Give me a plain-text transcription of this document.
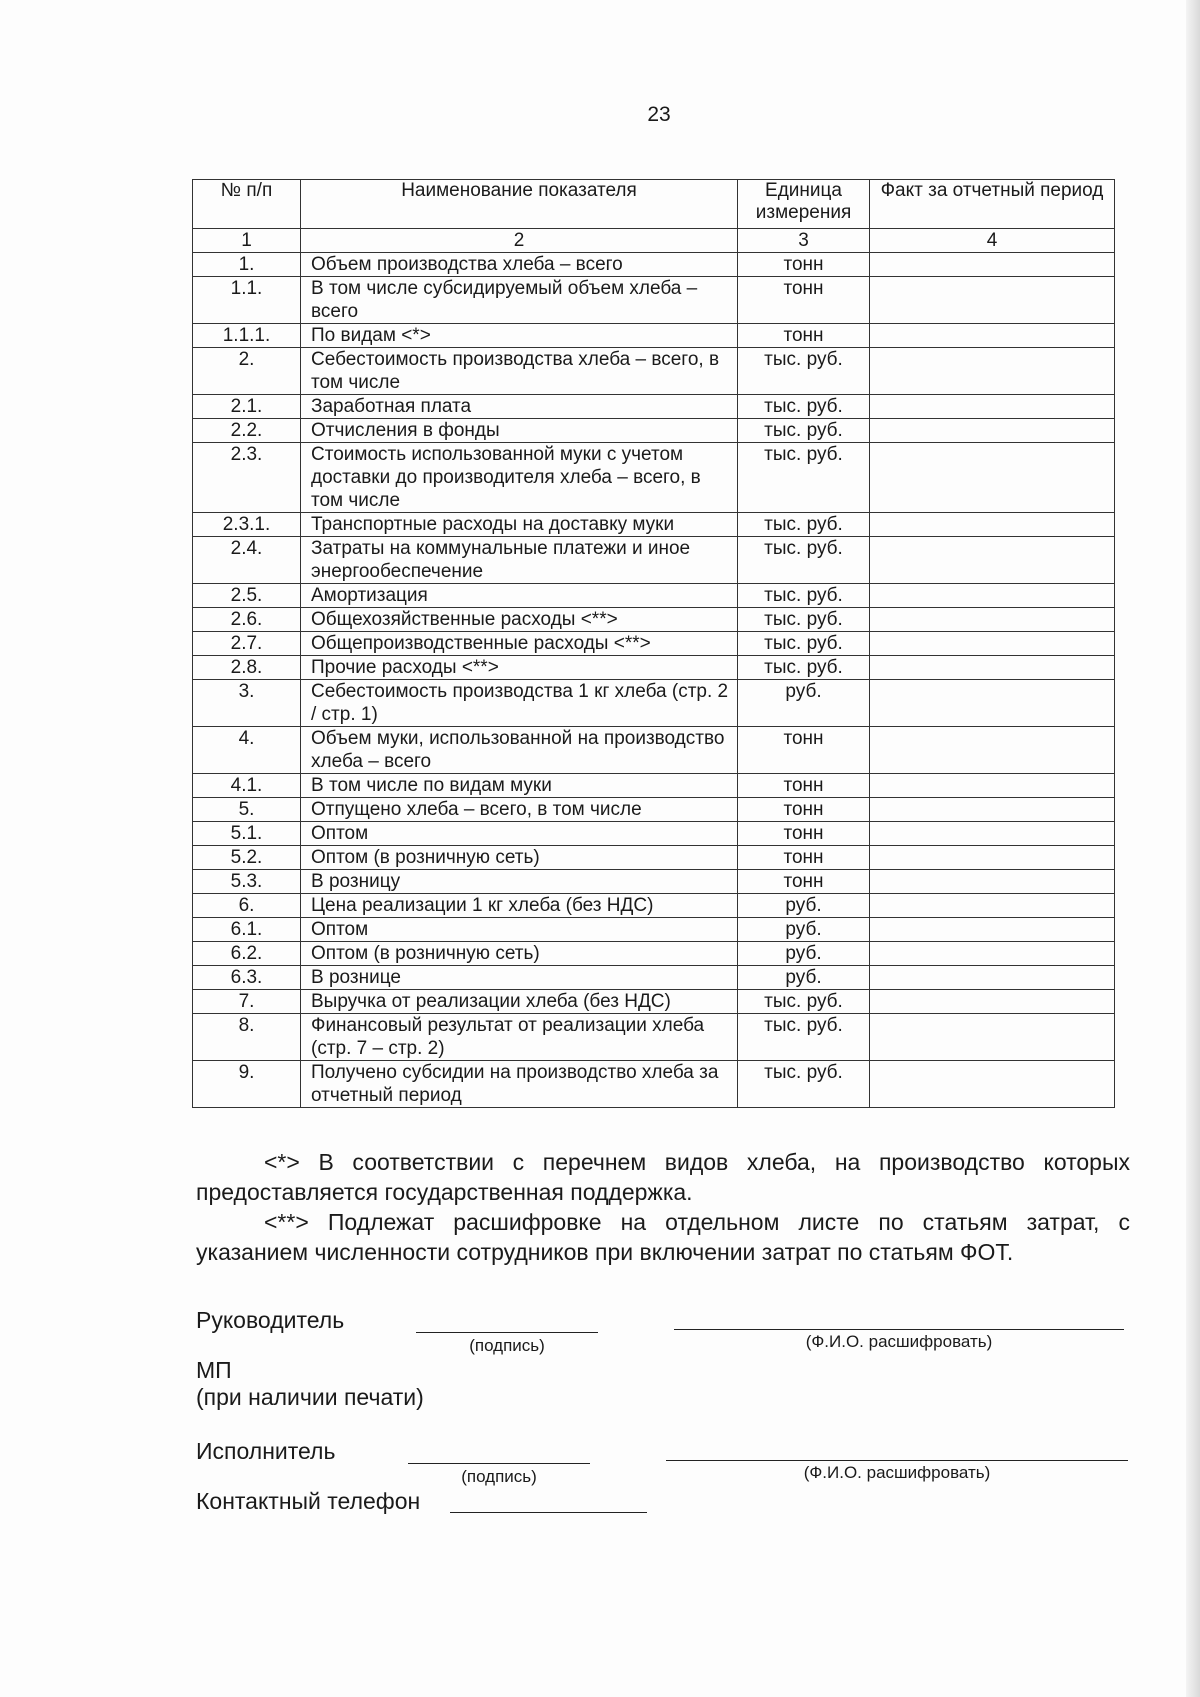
23
№ п/п	Наименование показателя	Единица измерения	Факт за отчетный период
1	2	3	4
1.	Объем производства хлеба – всего	тонн	
1.1.	В том числе субсидируемый объем хлеба – всего	тонн	
1.1.1.	По видам <*>	тонн	
2.	Себестоимость производства хлеба – всего, в том числе	тыс. руб.	
2.1.	Заработная плата	тыс. руб.	
2.2.	Отчисления в фонды	тыс. руб.	
2.3.	Стоимость использованной муки с учетом доставки до производителя хлеба – всего, в том числе	тыс. руб.	
2.3.1.	Транспортные расходы на доставку муки	тыс. руб.	
2.4.	Затраты на коммунальные платежи и иное энергообеспечение	тыс. руб.	
2.5.	Амортизация	тыс. руб.	
2.6.	Общехозяйственные расходы <**>	тыс. руб.	
2.7.	Общепроизводственные расходы <**>	тыс. руб.	
2.8.	Прочие расходы <**>	тыс. руб.	
3.	Себестоимость производства 1 кг хлеба (стр. 2 / стр. 1)	руб.	
4.	Объем муки, использованной на производство хлеба – всего	тонн	
4.1.	В том числе по видам муки	тонн	
5.	Отпущено хлеба – всего, в том числе	тонн	
5.1.	Оптом	тонн	
5.2.	Оптом (в розничную сеть)	тонн	
5.3.	В розницу	тонн	
6.	Цена реализации 1 кг хлеба (без НДС)	руб.	
6.1.	Оптом	руб.	
6.2.	Оптом (в розничную сеть)	руб.	
6.3.	В рознице	руб.	
7.	Выручка от реализации хлеба (без НДС)	тыс. руб.	
8.	Финансовый результат от реализации хлеба (стр. 7 – стр. 2)	тыс. руб.	
9.	Получено субсидии на производство хлеба за отчетный период	тыс. руб.	

<*> В соответствии с перечнем видов хлеба, на производство которых предоставляется государственная поддержка.

<**> Подлежат расшифровке на отдельном листе по статьям затрат, с указанием численности сотрудников при включении затрат по статьям ФОТ.

Руководитель
(подпись)	(Ф.И.О. расшифровать)
МП
(при наличии печати)
Исполнитель
(подпись)	(Ф.И.О. расшифровать)
Контактный телефон
